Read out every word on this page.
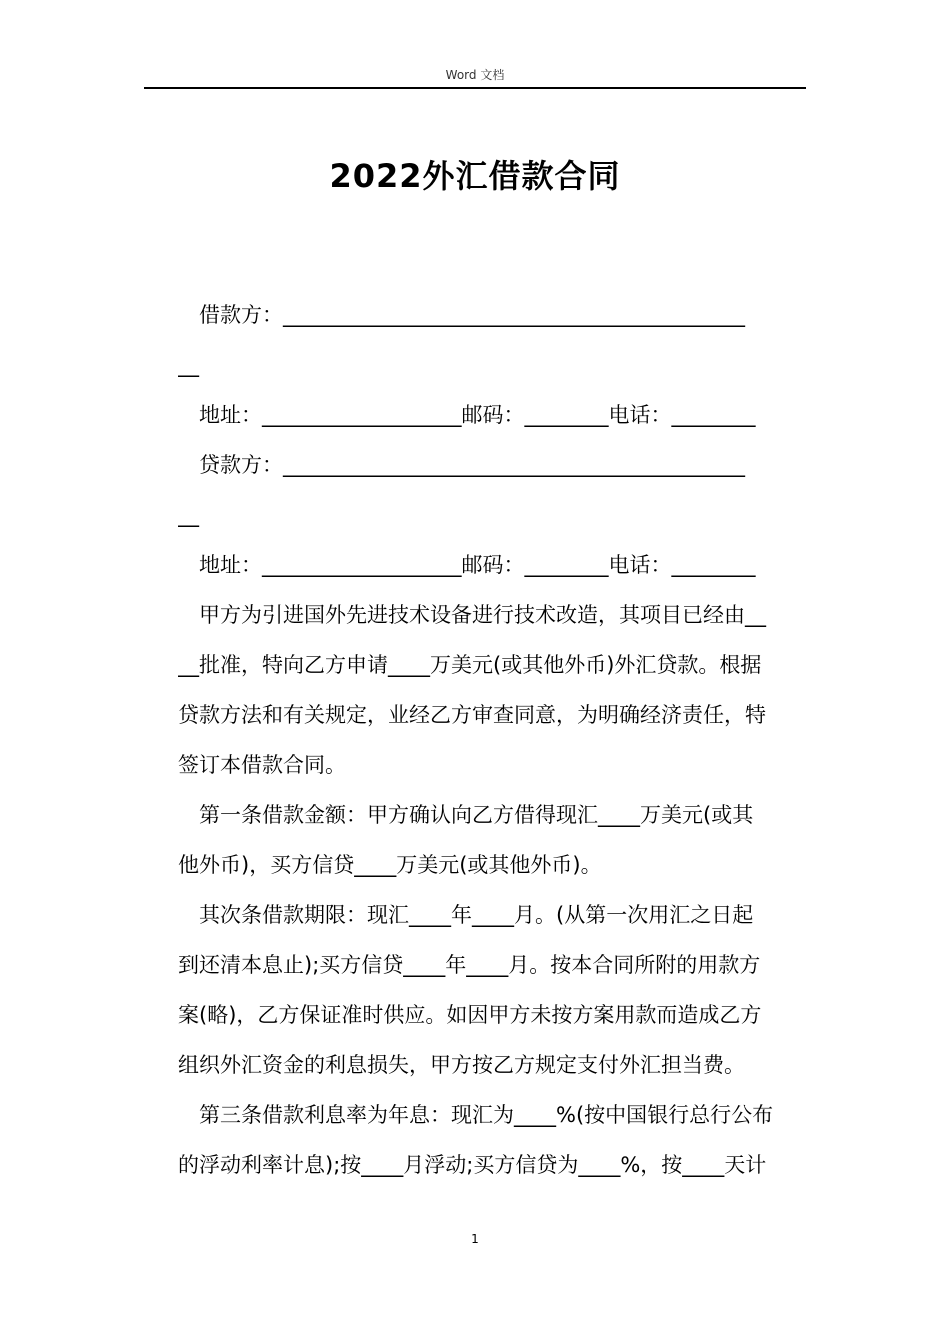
Word 文档
2022外汇借款合同
　借款方：____________________________________________
__
　地址：___________________邮码：________电话：________
　贷款方：____________________________________________
__
　地址：___________________邮码：________电话：________
　甲方为引进国外先进技术设备进行技术改造，其项目已经由__
__批准，特向乙方申请____万美元(或其他外币)外汇贷款。根据
贷款方法和有关规定，业经乙方审查同意，为明确经济责任，特
签订本借款合同。
　第一条借款金额：甲方确认向乙方借得现汇____万美元(或其
他外币)，买方信贷____万美元(或其他外币)。
　其次条借款期限：现汇____年____月。(从第一次用汇之日起
到还清本息止);买方信贷____年____月。按本合同所附的用款方
案(略)，乙方保证准时供应。如因甲方未按方案用款而造成乙方
组织外汇资金的利息损失，甲方按乙方规定支付外汇担当费。
　第三条借款利息率为年息：现汇为____%(按中国银行总行公布
的浮动利率计息);按____月浮动;买方信贷为____%，按____天计
1
